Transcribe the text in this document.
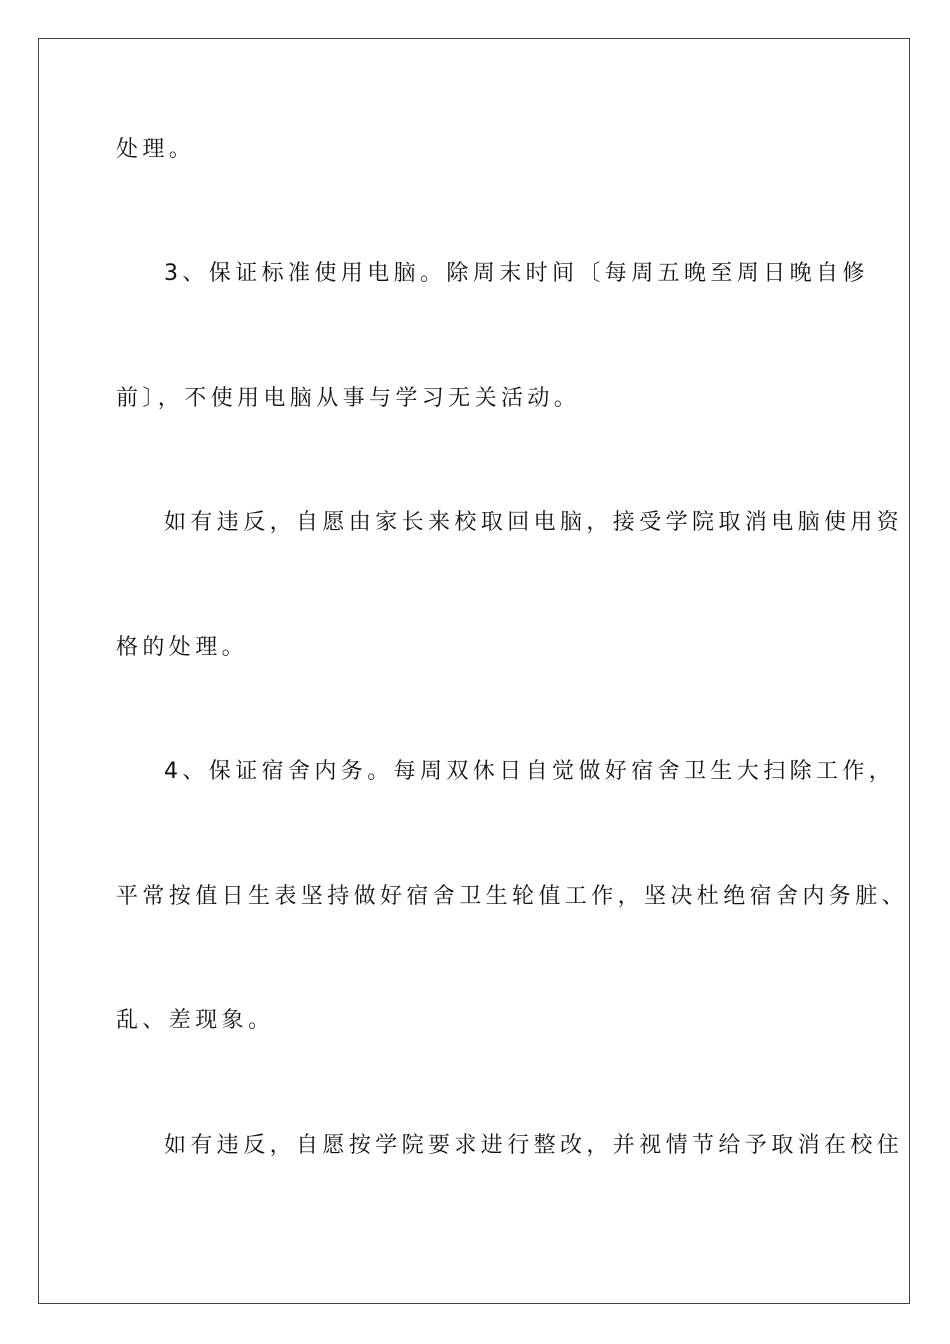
处理。
3、保证标准使用电脑。除周末时间〔每周五晚至周日晚自修
前〕，不使用电脑从事与学习无关活动。
如有违反，自愿由家长来校取回电脑，接受学院取消电脑使用资
格的处理。
4、保证宿舍内务。每周双休日自觉做好宿舍卫生大扫除工作，
平常按值日生表坚持做好宿舍卫生轮值工作，坚决杜绝宿舍内务脏、
乱、差现象。
如有违反，自愿按学院要求进行整改，并视情节给予取消在校住
